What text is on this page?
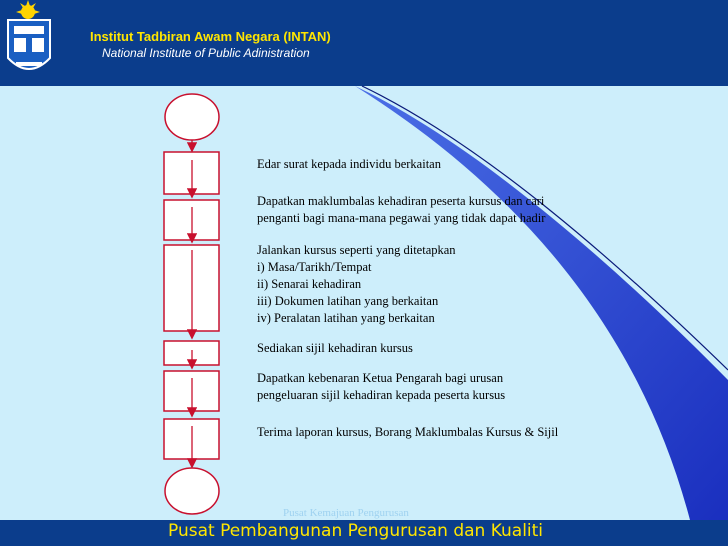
Institut Tadbiran Awam Negara (INTAN)
National Institute of Public Adinistration
Edar surat kepada individu berkaitan
Dapatkan maklumbalas kehadiran peserta kursus dan cari
penganti bagi mana-mana pegawai yang tidak dapat hadir
Jalankan kursus seperti yang ditetapkan
i) Masa/Tarikh/Tempat
ii) Senarai kehadiran
iii) Dokumen latihan yang berkaitan
iv) Peralatan latihan yang berkaitan
Sediakan sijil kehadiran kursus
Dapatkan kebenaran Ketua Pengarah bagi urusan
pengeluaran sijil kehadiran kepada peserta kursus
Terima laporan kursus, Borang Maklumbalas Kursus & Sijil
Pusat Kemajuan Pengurusan
Pusat Pembangunan Pengurusan dan Kualiti
